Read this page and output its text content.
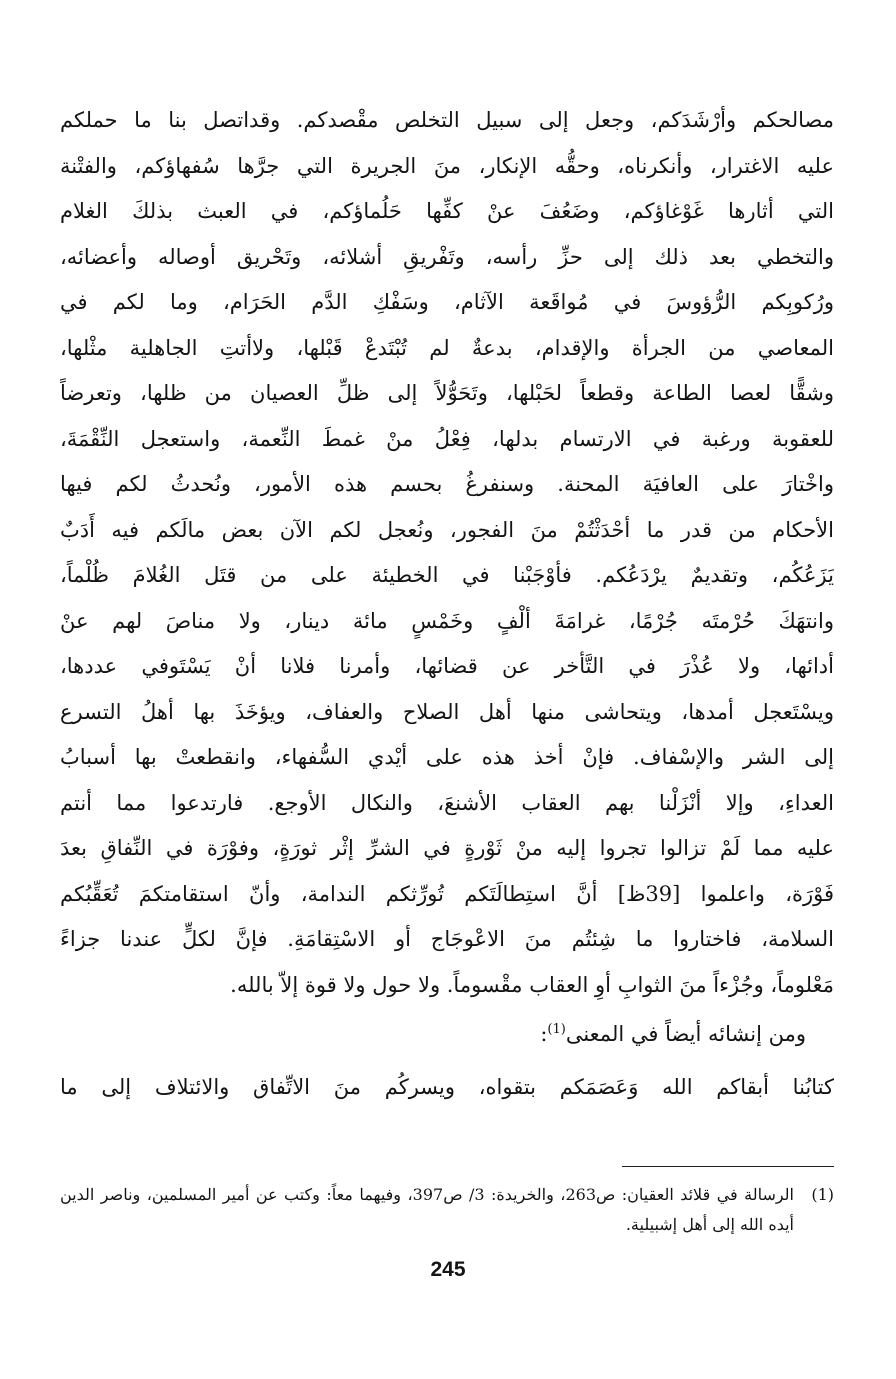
مصالحكم وأرْشَدَكم، وجعل إلى سبيل التخلص مقْصدكم. وقداتصل بنا ما حملكم
عليه الاغترار، وأنكرناه، وحقُّه الإنكار، منَ الجريرة التي جرَّها سُفهاؤكم، والفتْنة
التي أثارها غَوْغاؤكم، وضَعُفَ عنْ كفِّها حَلُماؤكم، في العبث بذلكَ الغلام
والتخطي بعد ذلك إلى حزِّ رأسه، وتَفْريقِ أشلائه، وتَحْريق أوصاله وأعضائه،
ورُكوبِكم الرُّؤوسَ في مُواقَعة الآثام، وسَفْكِ الدَّم الحَرَام، وما لكم في
المعاصي من الجرأة والإقدام، بدعةٌ لم تُبْتَدعْ قَبْلها، ولاأتتِ الجاهلية مثْلها،
وشقًّا لعصا الطاعة وقطعاً لحَبْلها، وتَحَوُّلاً إلى ظلِّ العصيان من ظلها، وتعرضاً
للعقوبة ورغبة في الارتسام بدلها، فِعْلُ منْ غمطَ النِّعمة، واستعجل النِّقْمَةَ،
واخْتارَ على العافيَة المحنة. وسنفرغُ بحسم هذه الأمور، ونُحدثُ لكم فيها
الأحكام من قدر ما أحْدَثْتُمْ منَ الفجور، ونُعجل لكم الآن بعض مالَكم فيه أَدَبٌ
يَزَعُكُم، وتقديمٌ يرْدَعُكم. فأوْجَبْنا في الخطيئة على من قتَل الغُلامَ ظُلْماً،
وانتهَكَ حُرْمتَه جُرْمًا، غرامَةَ ألْفٍ وخَمْسٍ مائة دينار، ولا مناصَ لهم عنْ
أدائها، ولا عُذْرَ في التَّأخر عن قضائها، وأمرنا فلانا أنْ يَسْتَوفي عددها،
ويسْتَعجل أمدها، ويتحاشى منها أهل الصلاح والعفاف، ويؤخَذَ بها أهلُ التسرع
إلى الشر والإسْفاف. فإنْ أخذ هذه على أيْدي السُّفهاء، وانقطعتْ بها أسبابُ
العداءِ، وإلا أنْزَلْنا بهم العقاب الأشنعَ، والنكال الأوجع. فارتدعوا مما أنتم
عليه مما لَمْ تزالوا تجروا إليه منْ ثَوْرةٍ في الشرِّ إثْر ثورَةٍ، وفوْرَة في النِّفاقِ بعدَ
فَوْرَة، واعلموا [39ظ] أنَّ استِطالَتَكم تُورِّثكم الندامة، وأنّ استقامتكمَ تُعَقِّبُكم
السلامة، فاختاروا ما شِئتُم منَ الاعْوجَاج أو الاسْتِقامَةِ. فإنَّ لكلٍّ عندنا جزاءً
مَعْلوماً، وجُزْءاً منَ الثوابِ أوِ العقاب مقْسوماً. ولا حول ولا قوة إلاّ بالله.
ومن إنشائه أيضاً في المعنى$^{(1)}$:
كتابُنا أبقاكم الله وَعَصَمَكم بتقواه، ويسركُم منَ الاتِّفاق والائتلاف إلى ما
(1)
الرسالة في قلائد العقيان: ص263، والخريدة: 3/ ص397، وفيهما معاً: وكتب عن أمير المسلمين، وناصر الدين أيده الله إلى أهل إشبيلية.
245
